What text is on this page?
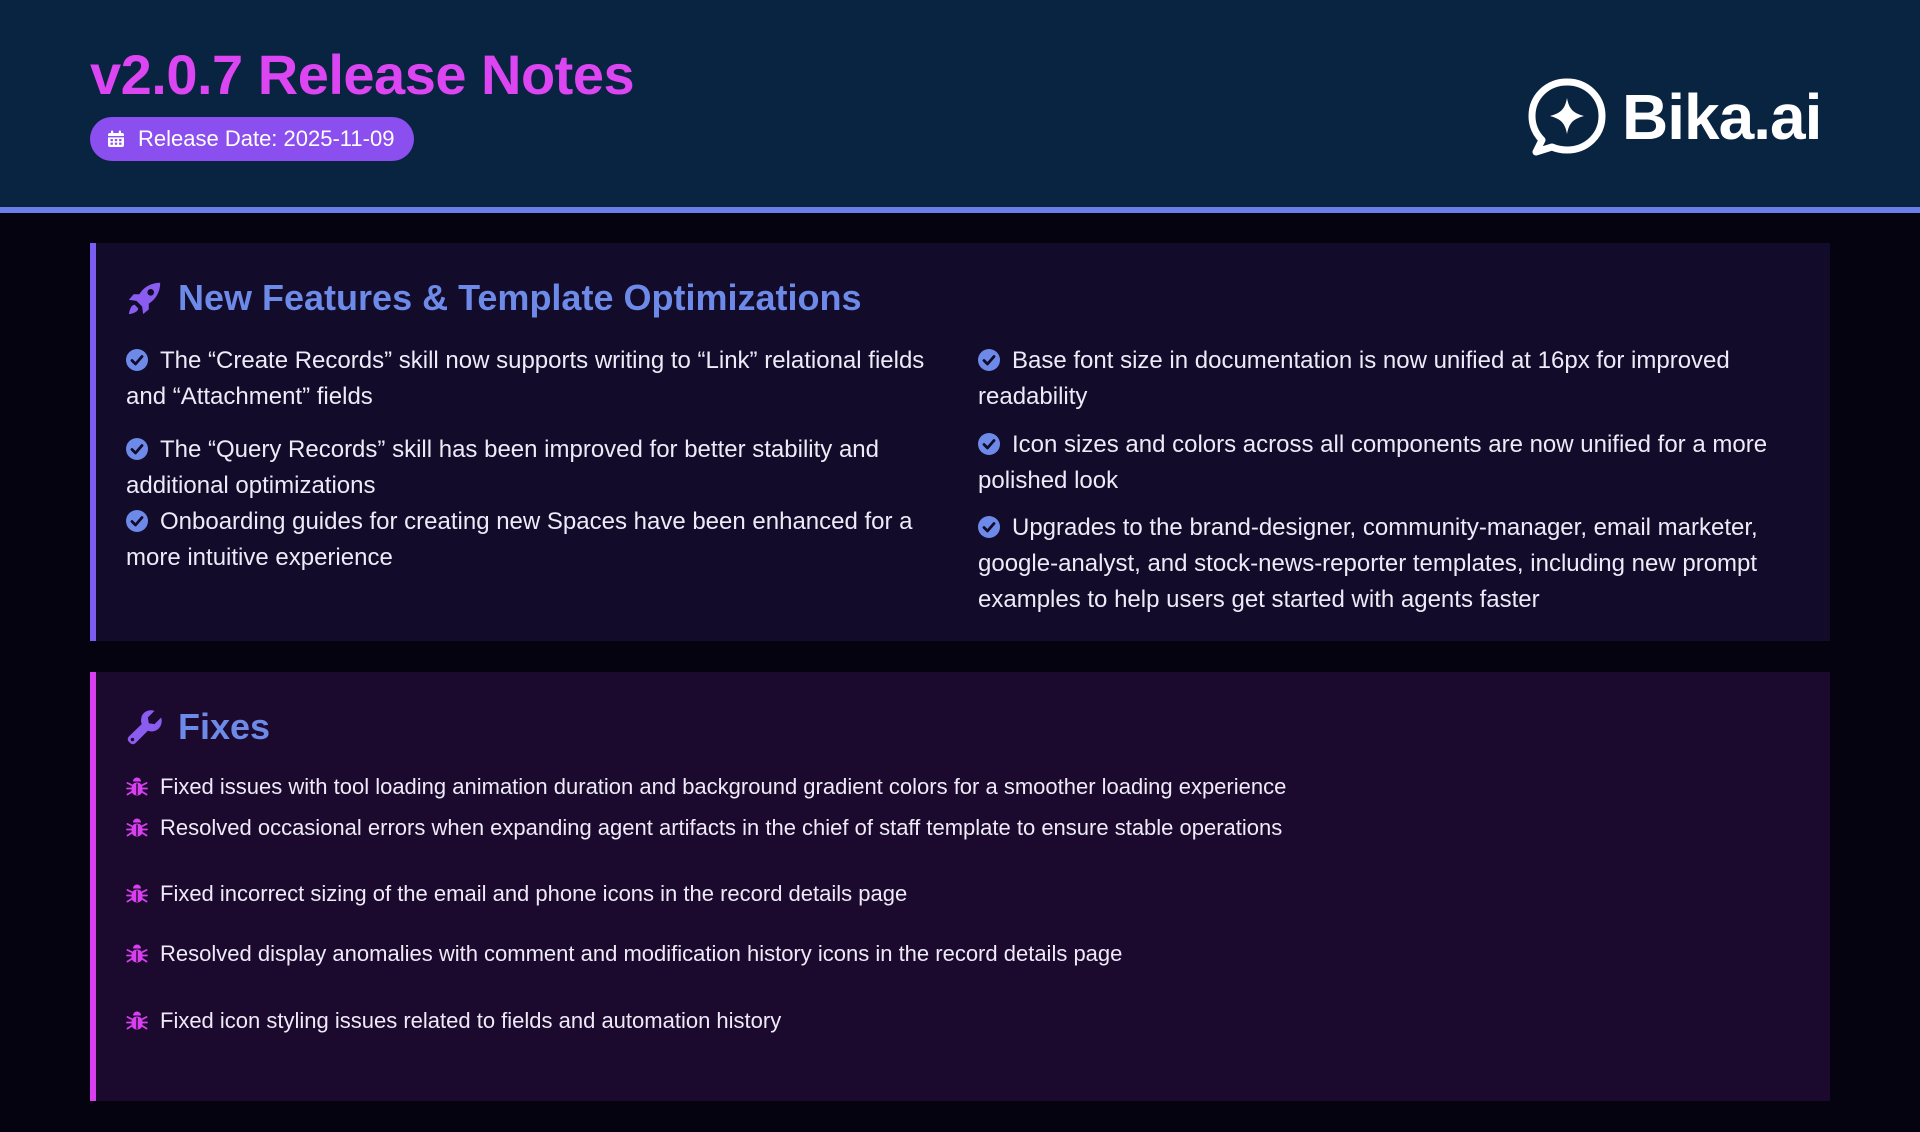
v2.0.7 Release Notes
Release Date: 2025-11-09	Bika.ai
New Features & Template Optimizations
The “Create Records” skill now supports writing to “Link” relational fields and “Attachment” fields
The “Query Records” skill has been improved for better stability and additional optimizations
Onboarding guides for creating new Spaces have been enhanced for a more intuitive experience
Base font size in documentation is now unified at 16px for improved readability
Icon sizes and colors across all components are now unified for a more polished look
Upgrades to the brand-designer, community-manager, email marketer, google-analyst, and stock-news-reporter templates, including new prompt examples to help users get started with agents faster
Fixes
Fixed issues with tool loading animation duration and background gradient colors for a smoother loading experience
Resolved occasional errors when expanding agent artifacts in the chief of staff template to ensure stable operations
Fixed incorrect sizing of the email and phone icons in the record details page
Resolved display anomalies with comment and modification history icons in the record details page
Fixed icon styling issues related to fields and automation history
